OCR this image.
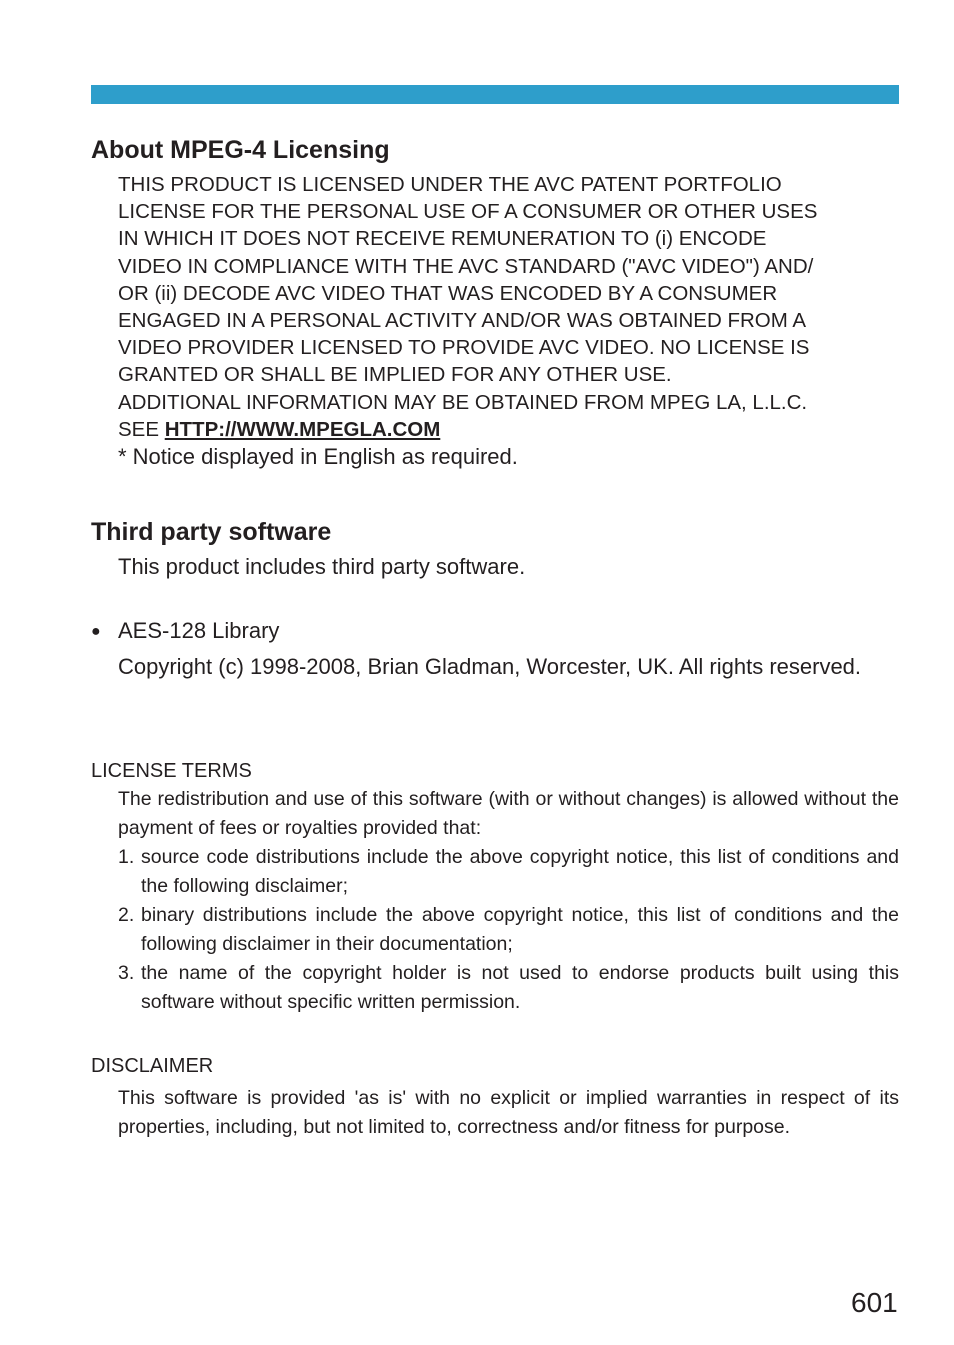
About MPEG-4 Licensing
THIS PRODUCT IS LICENSED UNDER THE AVC PATENT PORTFOLIO
LICENSE FOR THE PERSONAL USE OF A CONSUMER OR OTHER USES
IN WHICH IT DOES NOT RECEIVE REMUNERATION TO (i) ENCODE
VIDEO IN COMPLIANCE WITH THE AVC STANDARD ("AVC VIDEO") AND/
OR (ii) DECODE AVC VIDEO THAT WAS ENCODED BY A CONSUMER
ENGAGED IN A PERSONAL ACTIVITY AND/OR WAS OBTAINED FROM A
VIDEO PROVIDER LICENSED TO PROVIDE AVC VIDEO. NO LICENSE IS
GRANTED OR SHALL BE IMPLIED FOR ANY OTHER USE.
ADDITIONAL INFORMATION MAY BE OBTAINED FROM MPEG LA, L.L.C.
SEE HTTP://WWW.MPEGLA.COM
* Notice displayed in English as required.
Third party software
This product includes third party software.
● AES-128 Library
Copyright (c) 1998-2008, Brian Gladman, Worcester, UK. All rights reserved.
LICENSE TERMS
The redistribution and use of this software (with or without changes) is allowed without the payment of fees or royalties provided that:
1. source code distributions include the above copyright notice, this list of conditions and the following disclaimer;
2. binary distributions include the above copyright notice, this list of conditions and the following disclaimer in their documentation;
3. the name of the copyright holder is not used to endorse products built using this software without specific written permission.
DISCLAIMER
This software is provided 'as is' with no explicit or implied warranties in respect of its properties, including, but not limited to, correctness and/or fitness for purpose.
601
